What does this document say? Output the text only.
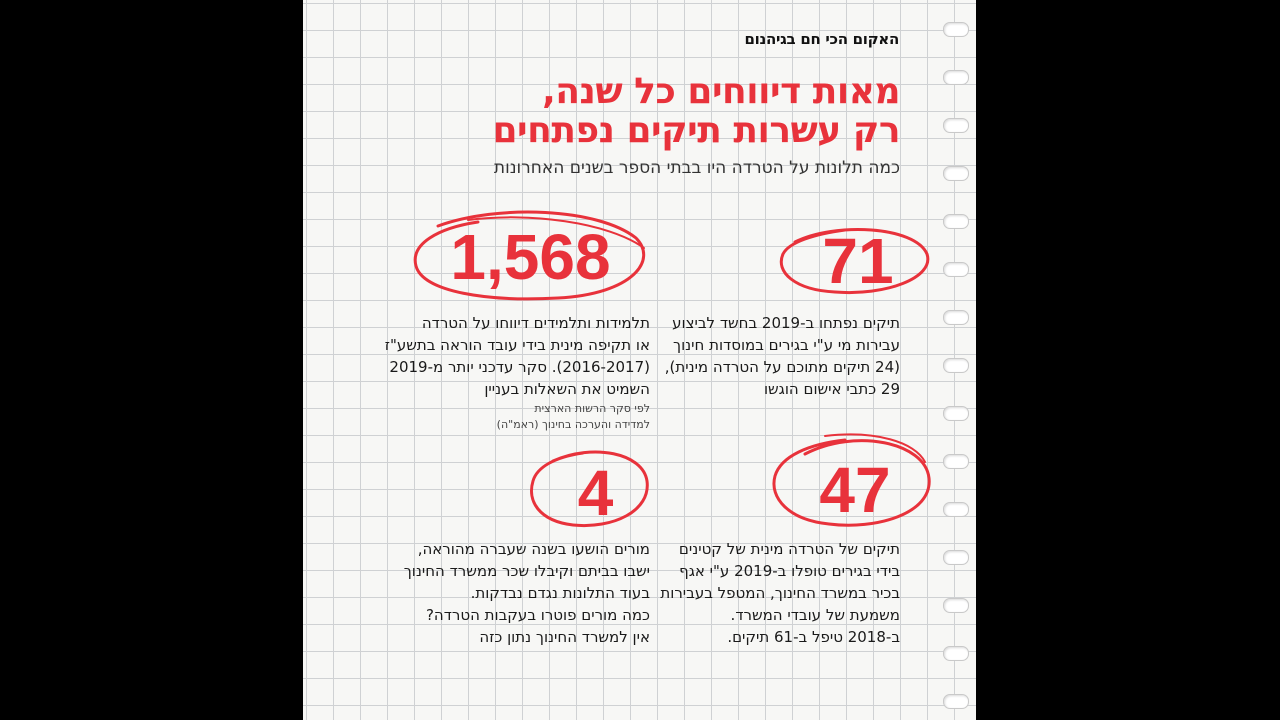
האקום הכי חם בגיהנום
מאות דיווחים כל שנה,
רק עשרות תיקים נפתחים
כמה תלונות על הטרדה היו בבתי הספר בשנים האחרונות
1,568
תלמידות ותלמידים דיווחו על הטרדה
או תקיפה מינית בידי עובד הוראה בתשע"ז
(2016-2017). סקר עדכני יותר מ-2019
השמיט את השאלות בעניין
לפי סקר הרשות הארצית
למדידה והערכה בחינוך (ראמ"ה)
71
תיקים נפתחו ב-2019 בחשד לביצוע
עבירות מי ע"י בגירים במוסדות חינוך
(24 תיקים מתוכם על הטרדה מינית),
29 כתבי אישום הוגשו
4
מורים הושעו בשנה שעברה מהוראה,
ישבו בביתם וקיבלו שכר ממשרד החינוך
בעוד התלונות נגדם נבדקות.
כמה מורים פוטרו בעקבות הטרדה?
אין למשרד החינוך נתון כזה
47
תיקים של הטרדה מינית של קטינים
בידי בגירים טופלו ב-2019 ע"י אגף
בכיר במשרד החינוך, המטפל בעבירות
משמעת של עובדי המשרד.
ב-2018 טיפל ב-61 תיקים.
